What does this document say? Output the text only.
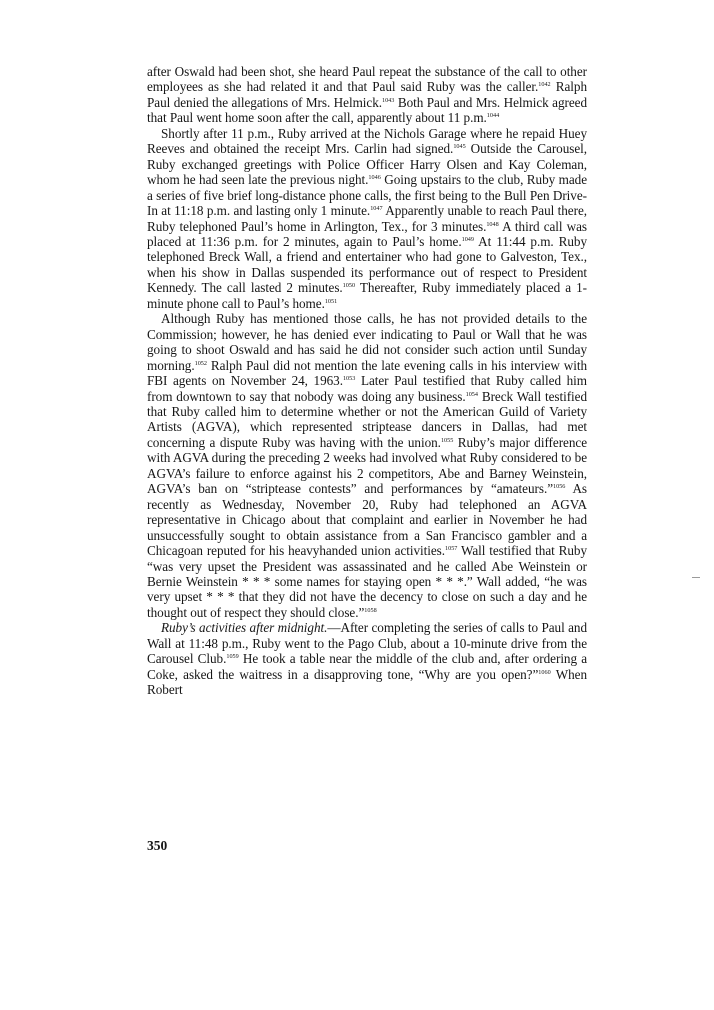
after Oswald had been shot, she heard Paul repeat the substance of the call to other employees as she had related it and that Paul said Ruby was the caller.$^{1042}$ Ralph Paul denied the allegations of Mrs. Helmick.$^{1043}$ Both Paul and Mrs. Helmick agreed that Paul went home soon after the call, apparently about 11 p.m.$^{1044}$

Shortly after 11 p.m., Ruby arrived at the Nichols Garage where he repaid Huey Reeves and obtained the receipt Mrs. Carlin had signed.$^{1045}$ Outside the Carousel, Ruby exchanged greetings with Police Officer Harry Olsen and Kay Coleman, whom he had seen late the previous night.$^{1046}$ Going upstairs to the club, Ruby made a series of five brief long-distance phone calls, the first being to the Bull Pen Drive-In at 11:18 p.m. and lasting only 1 minute.$^{1047}$ Apparently unable to reach Paul there, Ruby telephoned Paul’s home in Arlington, Tex., for 3 minutes.$^{1048}$ A third call was placed at 11:36 p.m. for 2 minutes, again to Paul’s home.$^{1049}$ At 11:44 p.m. Ruby telephoned Breck Wall, a friend and entertainer who had gone to Galveston, Tex., when his show in Dallas suspended its performance out of respect to President Kennedy. The call lasted 2 minutes.$^{1050}$ Thereafter, Ruby immediately placed a 1-minute phone call to Paul’s home.$^{1051}$

Although Ruby has mentioned those calls, he has not provided details to the Commission; however, he has denied ever indicating to Paul or Wall that he was going to shoot Oswald and has said he did not consider such action until Sunday morning.$^{1052}$ Ralph Paul did not mention the late evening calls in his interview with FBI agents on November 24, 1963.$^{1053}$ Later Paul testified that Ruby called him from downtown to say that nobody was doing any business.$^{1054}$ Breck Wall testified that Ruby called him to determine whether or not the American Guild of Variety Artists (AGVA), which represented striptease dancers in Dallas, had met concerning a dispute Ruby was having with the union.$^{1055}$ Ruby’s major difference with AGVA during the preceding 2 weeks had involved what Ruby considered to be AGVA’s failure to enforce against his 2 competitors, Abe and Barney Weinstein, AGVA’s ban on “striptease contests” and performances by “amateurs.”$^{1056}$ As recently as Wednesday, November 20, Ruby had telephoned an AGVA representative in Chicago about that complaint and earlier in November he had unsuccessfully sought to obtain assistance from a San Francisco gambler and a Chicagoan reputed for his heavyhanded union activities.$^{1057}$ Wall testified that Ruby “was very upset the President was assassinated and he called Abe Weinstein or Bernie Weinstein * * * some names for staying open * * *.” Wall added, “he was very upset * * * that they did not have the decency to close on such a day and he thought out of respect they should close.”$^{1058}$

Ruby’s activities after midnight.—After completing the series of calls to Paul and Wall at 11:48 p.m., Ruby went to the Pago Club, about a 10-minute drive from the Carousel Club.$^{1059}$ He took a table near the middle of the club and, after ordering a Coke, asked the waitress in a disapproving tone, “Why are you open?”$^{1060}$ When Robert

350
